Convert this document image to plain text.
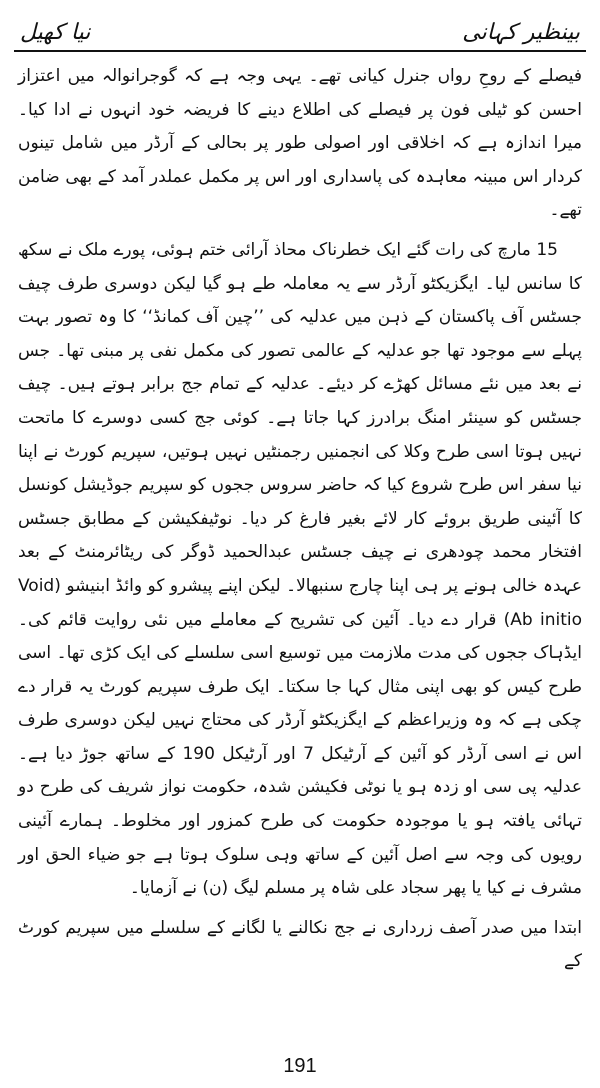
بینظیر کہانی
نیا کھیل

فیصلے کے روحِ رواں جنرل کیانی تھے۔ یہی وجہ ہے کہ گوجرانوالہ میں اعتزاز احسن کو ٹیلی فون پر فیصلے کی اطلاع دینے کا فریضہ خود انہوں نے ادا کیا۔ میرا اندازہ ہے کہ اخلاقی اور اصولی طور پر بحالی کے آرڈر میں شامل تینوں کردار اس مبینہ معاہدہ کی پاسداری اور اس پر مکمل عملدر آمد کے بھی ضامن تھے۔

15 مارچ کی رات گئے ایک خطرناک محاذ آرائی ختم ہوئی، پورے ملک نے سکھ کا سانس لیا۔ ایگزیکٹو آرڈر سے یہ معاملہ طے ہو گیا لیکن دوسری طرف چیف جسٹس آف پاکستان کے ذہن میں عدلیہ کی ’’چین آف کمانڈ‘‘ کا وہ تصور بہت پہلے سے موجود تھا جو عدلیہ کے عالمی تصور کی مکمل نفی پر مبنی تھا۔ جس نے بعد میں نئے مسائل کھڑے کر دیئے۔ عدلیہ کے تمام جج برابر ہوتے ہیں۔ چیف جسٹس کو سینئر امنگ برادرز کہا جاتا ہے۔ کوئی جج کسی دوسرے کا ماتحت نہیں ہوتا اسی طرح وکلا کی انجمنیں رجمنٹیں نہیں ہوتیں، سپریم کورٹ نے اپنا نیا سفر اس طرح شروع کیا کہ حاضر سروس ججوں کو سپریم جوڈیشل کونسل کا آئینی طریق بروئے کار لائے بغیر فارغ کر دیا۔ نوٹیفکیشن کے مطابق جسٹس افتخار محمد چودھری نے چیف جسٹس عبدالحمید ڈوگر کی ریٹائرمنٹ کے بعد عہدہ خالی ہونے پر ہی اپنا چارج سنبھالا۔ لیکن اپنے پیشرو کو وائڈ ابنیشو (Void Ab initio) قرار دے دیا۔ آئین کی تشریح کے معاملے میں نئی روایت قائم کی۔ ایڈہاک ججوں کی مدت ملازمت میں توسیع اسی سلسلے کی ایک کڑی تھا۔ اسی طرح کیس کو بھی اپنی مثال کہا جا سکتا۔ ایک طرف سپریم کورٹ یہ قرار دے چکی ہے کہ وہ وزیراعظم کے ایگزیکٹو آرڈر کی محتاج نہیں لیکن دوسری طرف اس نے اسی آرڈر کو آئین کے آرٹیکل 7 اور آرٹیکل 190 کے ساتھ جوڑ دیا ہے۔ عدلیہ پی سی او زدہ ہو یا نوٹی فکیشن شدہ، حکومت نواز شریف کی طرح دو تہائی یافتہ ہو یا موجودہ حکومت کی طرح کمزور اور مخلوط۔ ہمارے آئینی رویوں کی وجہ سے اصل آئین کے ساتھ وہی سلوک ہوتا ہے جو ضیاء الحق اور مشرف نے کیا یا پھر سجاد علی شاہ پر مسلم لیگ (ن) نے آزمایا۔

ابتدا میں صدر آصف زرداری نے جج نکالنے یا لگانے کے سلسلے میں سپریم کورٹ کے

191
